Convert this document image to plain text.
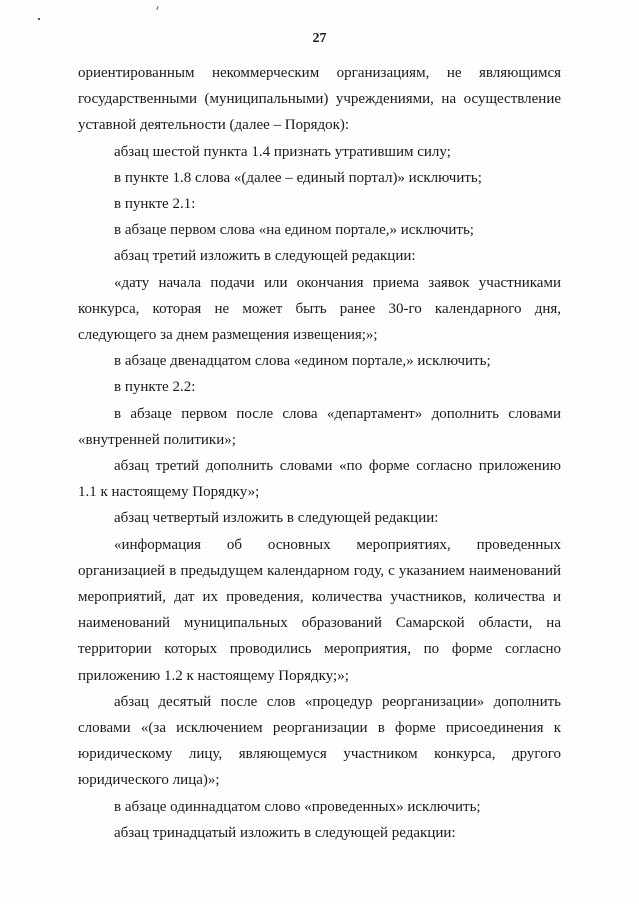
27

ориентированным некоммерческим организациям, не являющимся государственными (муниципальными) учреждениями, на осуществление уставной деятельности (далее – Порядок):

абзац шестой пункта 1.4 признать утратившим силу;

в пункте 1.8 слова «(далее – единый портал)» исключить;

в пункте 2.1:

в абзаце первом слова «на едином портале,» исключить;

абзац третий изложить в следующей редакции:

«дату начала подачи или окончания приема заявок участниками конкурса, которая не может быть ранее 30-го календарного дня, следующего за днем размещения извещения;»;

в абзаце двенадцатом слова «едином портале,» исключить;

в пункте 2.2:

в абзаце первом после слова «департамент» дополнить словами «внутренней политики»;

абзац третий дополнить словами «по форме согласно приложению 1.1 к настоящему Порядку»;

абзац четвертый изложить в следующей редакции:

«информация об основных мероприятиях, проведенных организацией в предыдущем календарном году, с указанием наименований мероприятий, дат их проведения, количества участников, количества и наименований муниципальных образований Самарской области, на территории которых проводились мероприятия, по форме согласно приложению 1.2 к настоящему Порядку;»;

абзац десятый после слов «процедур реорганизации» дополнить словами «(за исключением реорганизации в форме присоединения к юридическому лицу, являющемуся участником конкурса, другого юридического лица)»;

в абзаце одиннадцатом слово «проведенных» исключить;

абзац тринадцатый изложить в следующей редакции:
